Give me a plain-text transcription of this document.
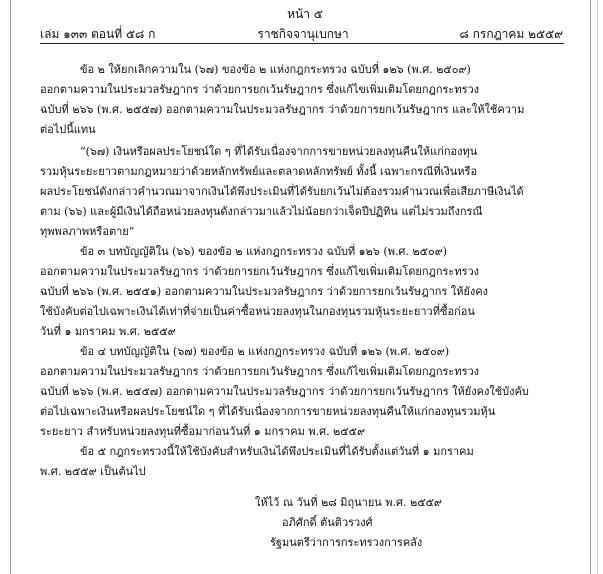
หน้า ๕
เล่ม ๑๓๓ ตอนที่ ๕๘ ก	ราชกิจจานุเบกษา	๘ กรกฎาคม ๒๕๕๙
ข้อ ๒ ให้ยกเลิกความใน (๖๗) ของข้อ ๒ แห่งกฎกระทรวง ฉบับที่ ๑๒๖ (พ.ศ. ๒๕๐๙)
ออกตามความในประมวลรัษฎากร ว่าด้วยการยกเว้นรัษฎากร ซึ่งแก้ไขเพิ่มเติมโดยกฎกระทรวง
ฉบับที่ ๒๖๖ (พ.ศ. ๒๕๕๗) ออกตามความในประมวลรัษฎากร ว่าด้วยการยกเว้นรัษฎากร และให้ใช้ความ
ต่อไปนี้แทน
“(๖๗) เงินหรือผลประโยชน์ใด ๆ ที่ได้รับเนื่องจากการขายหน่วยลงทุนคืนให้แก่กองทุน
รวมหุ้นระยะยาวตามกฎหมายว่าด้วยหลักทรัพย์และตลาดหลักทรัพย์ ทั้งนี้ เฉพาะกรณีที่เงินหรือ
ผลประโยชน์ดังกล่าวคำนวณมาจากเงินได้พึงประเมินที่ได้รับยกเว้นไม่ต้องรวมคำนวณเพื่อเสียภาษีเงินได้
ตาม (๖๖) และผู้มีเงินได้ถือหน่วยลงทุนดังกล่าวมาแล้วไม่น้อยกว่าเจ็ดปีปฏิทิน แต่ไม่รวมถึงกรณี
ทุพพลภาพหรือตาย”
ข้อ ๓ บทบัญญัติใน (๖๖) ของข้อ ๒ แห่งกฎกระทรวง ฉบับที่ ๑๒๖ (พ.ศ. ๒๕๐๙)
ออกตามความในประมวลรัษฎากร ว่าด้วยการยกเว้นรัษฎากร ซึ่งแก้ไขเพิ่มเติมโดยกฎกระทรวง
ฉบับที่ ๒๖๖ (พ.ศ. ๒๕๕๑) ออกตามความในประมวลรัษฎากร ว่าด้วยการยกเว้นรัษฎากร ให้ยังคง
ใช้บังคับต่อไปเฉพาะเงินได้เท่าที่จ่ายเป็นค่าซื้อหน่วยลงทุนในกองทุนรวมหุ้นระยะยาวที่ซื้อก่อน
วันที่ ๑ มกราคม พ.ศ. ๒๕๕๙
ข้อ ๔ บทบัญญัติใน (๖๗) ของข้อ ๒ แห่งกฎกระทรวง ฉบับที่ ๑๒๖ (พ.ศ. ๒๕๐๙)
ออกตามความในประมวลรัษฎากร ว่าด้วยการยกเว้นรัษฎากร ซึ่งแก้ไขเพิ่มเติมโดยกฎกระทรวง
ฉบับที่ ๒๖๖ (พ.ศ. ๒๕๕๗) ออกตามความในประมวลรัษฎากร ว่าด้วยการยกเว้นรัษฎากร ให้ยังคงใช้บังคับ
ต่อไปเฉพาะเงินหรือผลประโยชน์ใด ๆ ที่ได้รับเนื่องจากการขายหน่วยลงทุนคืนให้แก่กองทุนรวมหุ้น
ระยะยาว สำหรับหน่วยลงทุนที่ซื้อมาก่อนวันที่ ๑ มกราคม พ.ศ. ๒๕๕๙
ข้อ ๕ กฎกระทรวงนี้ให้ใช้บังคับสำหรับเงินได้พึงประเมินที่ได้รับตั้งแต่วันที่ ๑ มกราคม
พ.ศ. ๒๕๕๙ เป็นต้นไป
ให้ไว้ ณ วันที่ ๒๘ มิถุนายน พ.ศ. ๒๕๕๙
อภิศักดิ์ ตันติวรวงศ์
รัฐมนตรีว่าการกระทรวงการคลัง
